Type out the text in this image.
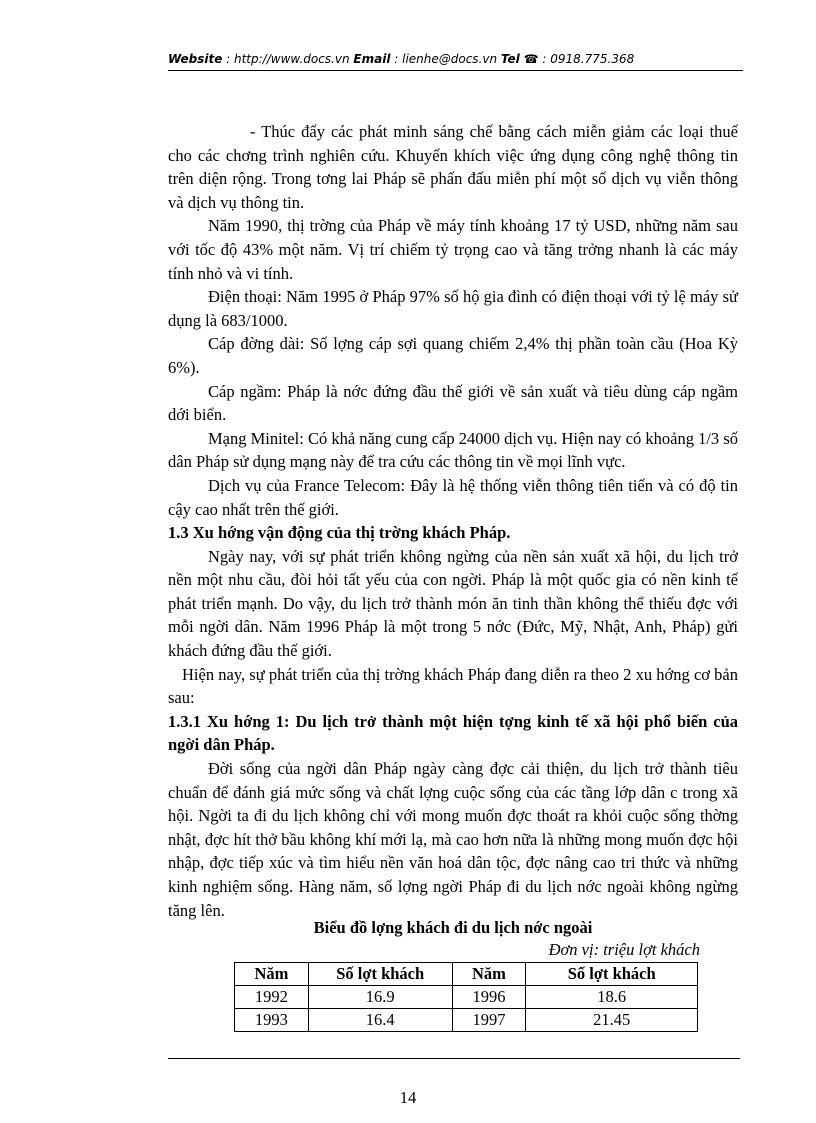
Website : http://www.docs.vn Email : lienhe@docs.vn Tel ☎ : 0918.775.368

- Thúc đẩy các phát minh sáng chế bằng cách miễn giảm các loại thuế cho các chơng trình nghiên cứu. Khuyến khích việc ứng dụng công nghệ thông tin trên diện rộng. Trong tơng lai Pháp sẽ phấn đấu miễn phí một số dịch vụ viễn thông và dịch vụ thông tin.

Năm 1990, thị trờng của Pháp về máy tính khoảng 17 tỷ USD, những năm sau với tốc độ 43% một năm. Vị trí chiếm tỷ trọng cao và tăng trởng nhanh là các máy tính nhỏ và vi tính.

Điện thoại: Năm 1995 ở Pháp 97% số hộ gia đình có điện thoại với tỷ lệ máy sử dụng là 683/1000.

Cáp đờng dài: Số lợng cáp sợi quang chiếm 2,4% thị phần toàn cầu (Hoa Kỳ 6%).

Cáp ngầm: Pháp là nớc đứng đầu thế giới về sản xuất và tiêu dùng cáp ngầm dới biển.

Mạng Minitel: Có khả năng cung cấp 24000 dịch vụ. Hiện nay có khoảng 1/3 số dân Pháp sử dụng mạng này để tra cứu các thông tin về mọi lĩnh vực.

Dịch vụ của France Telecom: Đây là hệ thống viễn thông tiên tiến và có độ tin cậy cao nhất trên thế giới.

1.3 Xu hớng vận động của thị trờng khách Pháp.

Ngày nay, với sự phát triển không ngừng của nền sản xuất xã hội, du lịch trở nền một nhu cầu, đòi hỏi tất yếu của con ngời. Pháp là một quốc gia có nền kinh tế phát triển mạnh. Do vậy, du lịch trở thành món ăn tinh thần không thể thiếu đợc với mỗi ngời dân. Năm 1996 Pháp là một trong 5 nớc (Đức, Mỹ, Nhật, Anh, Pháp) gửi khách đứng đầu thế giới.

Hiện nay, sự phát triển của thị trờng khách Pháp đang diễn ra theo 2 xu hớng cơ bản sau:

1.3.1 Xu hớng 1: Du lịch trở thành một hiện tợng kinh tế xã hội phổ biến của ngời dân Pháp.

Đời sống của ngời dân Pháp ngày càng đợc cải thiện, du lịch trở thành tiêu chuẩn để đánh giá mức sống và chất lợng cuộc sống của các tầng lớp dân c trong xã hội. Ngời ta đi du lịch không chỉ với mong muốn đợc thoát ra khỏi cuộc sống thờng nhật, đợc hít thở bầu không khí mới lạ, mà cao hơn nữa là những mong muốn đợc hội nhập, đợc tiếp xúc và tìm hiểu nền văn hoá dân tộc, đợc nâng cao tri thức và những kinh nghiệm sống. Hàng năm, số lợng ngời Pháp đi du lịch nớc ngoài không ngừng tăng lên.

Biểu đồ lợng khách đi du lịch nớc ngoài
Đơn vị: triệu lợt khách
Năm	Số lợt khách	Năm	Số lợt khách
1992	16.9	1996	18.6
1993	16.4	1997	21.45
14
